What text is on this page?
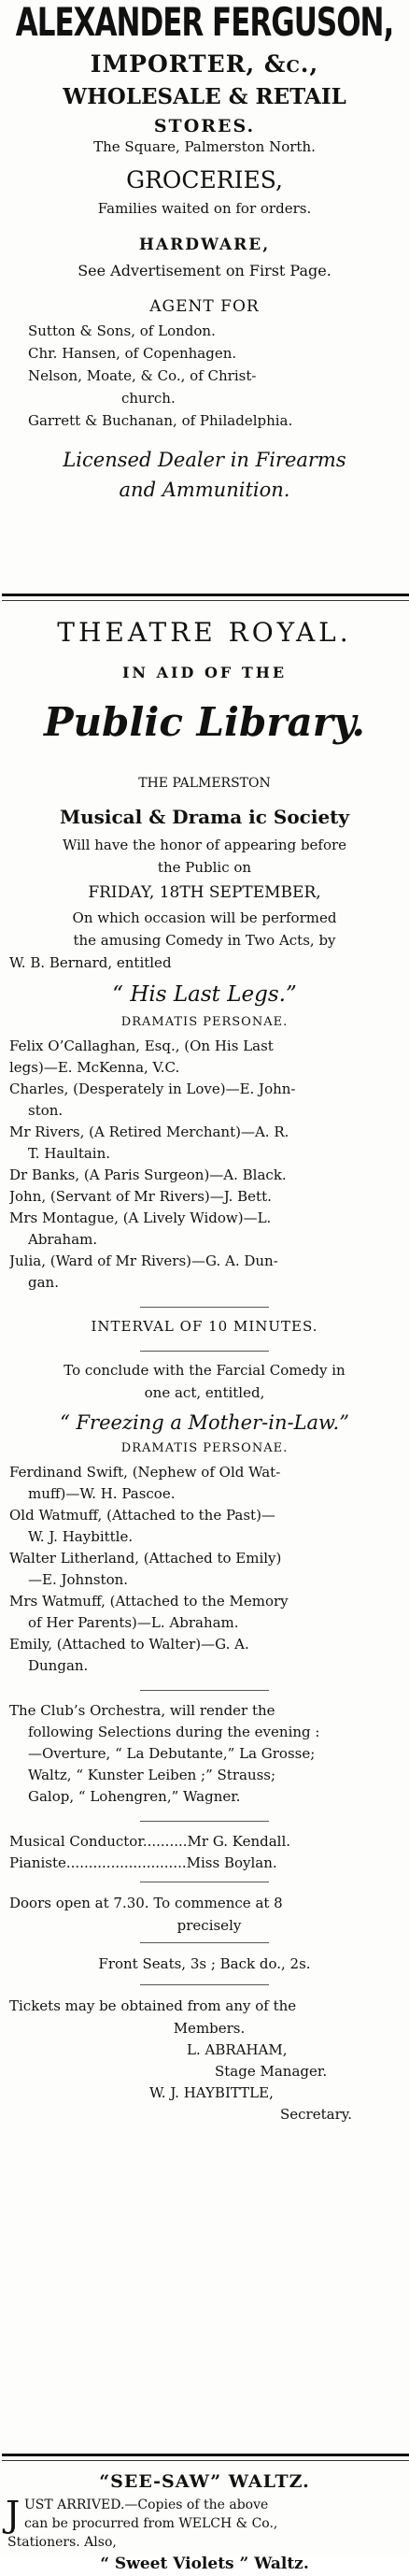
ALEXANDER FERGUSON,
IMPORTER, &c.,
WHOLESALE & RETAIL
STORES.
The Square, Palmerston North.
GROCERIES,
Families waited on for orders.
HARDWARE,
See Advertisement on First Page.
AGENT FOR
Sutton & Sons, of London.
Chr. Hansen, of Copenhagen.
Nelson, Moate, & Co., of Christ-
church.
Garrett & Buchanan, of Philadelphia.
Licensed Dealer in Firearms
and Ammunition.
THEATRE ROYAL.
IN AID OF THE
Public Library.
THE PALMERSTON
Musical & Drama ic Society
Will have the honor of appearing before
the Public on
FRIDAY, 18TH SEPTEMBER,
On which occasion will be performed
the amusing Comedy in Two Acts, by
W. B. Bernard, entitled
“ His Last Legs.”
DRAMATIS PERSONAE.
Felix O’Callaghan, Esq., (On His Last
legs)—E. McKenna, V.C.
Charles, (Desperately in Love)—E. John-
ston.
Mr Rivers, (A Retired Merchant)—A. R.
T. Haultain.
Dr Banks, (A Paris Surgeon)—A. Black.
John, (Servant of Mr Rivers)—J. Bett.
Mrs Montague, (A Lively Widow)—L.
Abraham.
Julia, (Ward of Mr Rivers)—G. A. Dun-
gan.
INTERVAL OF 10 MINUTES.
To conclude with the Farcial Comedy in
one act, entitled,
“ Freezing a Mother-in-Law.”
DRAMATIS PERSONAE.
Ferdinand Swift, (Nephew of Old Wat-
muff)—W. H. Pascoe.
Old Watmuff, (Attached to the Past)—
W. J. Haybittle.
Walter Litherland, (Attached to Emily)
—E. Johnston.
Mrs Watmuff, (Attached to the Memory
of Her Parents)—L. Abraham.
Emily, (Attached to Walter)—G. A.
Dungan.
The Club’s Orchestra, will render the
following Selections during the evening :
—Overture, “ La Debutante,” La Grosse;
Waltz, “ Kunster Leiben ;” Strauss;
Galop, “ Lohengren,” Wagner.
Musical Conductor..........Mr G. Kendall.
Pianiste...........................Miss Boylan.
Doors open at 7.30. To commence at 8
precisely
Front Seats, 3s ; Back do., 2s.
Tickets may be obtained from any of the
Members.
L. ABRAHAM,
Stage Manager.
W. J. HAYBITTLE,
Secretary.
“SEE-SAW” WALTZ.
J UST ARRIVED.—Copies of the above
can be procurred from WELCH & Co.,
Stationers. Also,
“ Sweet Violets ” Waltz.
